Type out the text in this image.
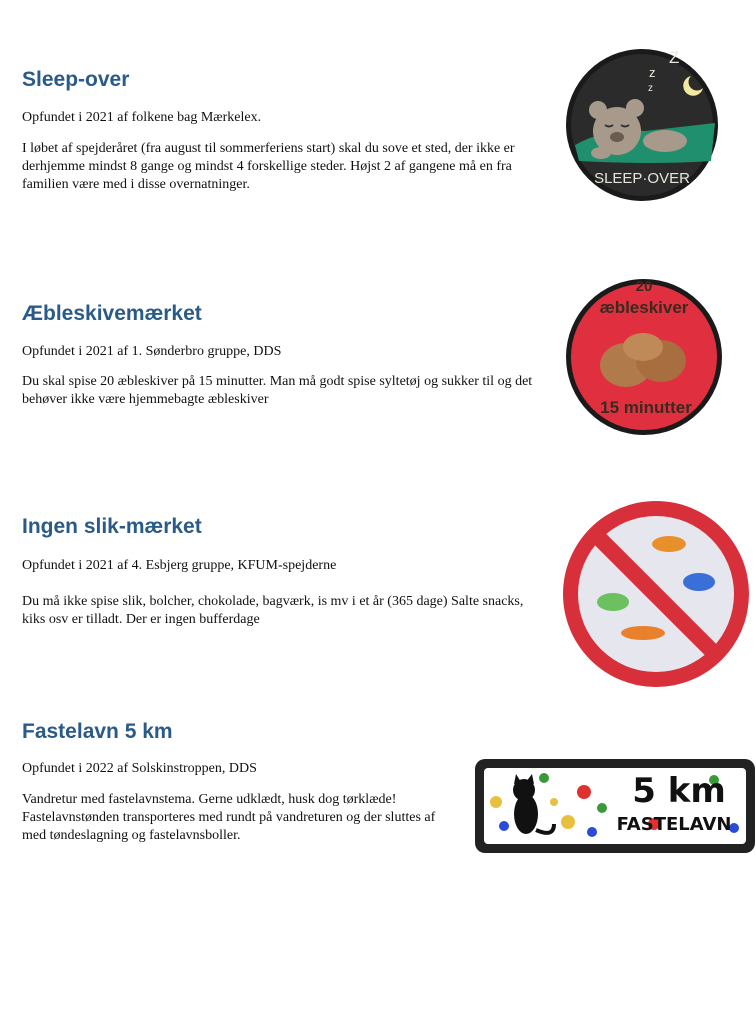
Sleep-over

Opfundet i 2021 af folkene bag Mærkelex.

I løbet af spejderåret (fra august til sommerferiens start) skal du sove et sted, der ikke er derhjemme mindst 8 gange og mindst 4 forskellige steder. Højst 2 af gangene må en fra familien være med i disse overnatninger.

Z
z
z
SLEEP·OVER
Æbleskivemærket

Opfundet i 2021 af 1. Sønderbro gruppe, DDS

Du skal spise 20 æbleskiver på 15 minutter. Man må godt spise syltetøj og sukker til og det behøver ikke være hjemmebagte æbleskiver

20
æbleskiver
15 minutter
Ingen slik-mærket

Opfundet i 2021 af 4. Esbjerg gruppe, KFUM-spejderne

Du må ikke spise slik, bolcher, chokolade, bagværk, is mv i et år (365 dage) Salte snacks, kiks osv er tilladt. Der er ingen bufferdage

Fastelavn 5 km

Opfundet i 2022 af Solskinstroppen, DDS

Vandretur med fastelavnstema. Gerne udklædt, husk dog tørklæde! Fastelavnstønden transporteres med rundt på vandreturen og der sluttes af med tøndeslagning og fastelavnsboller.

5 km
FASTELAVN
